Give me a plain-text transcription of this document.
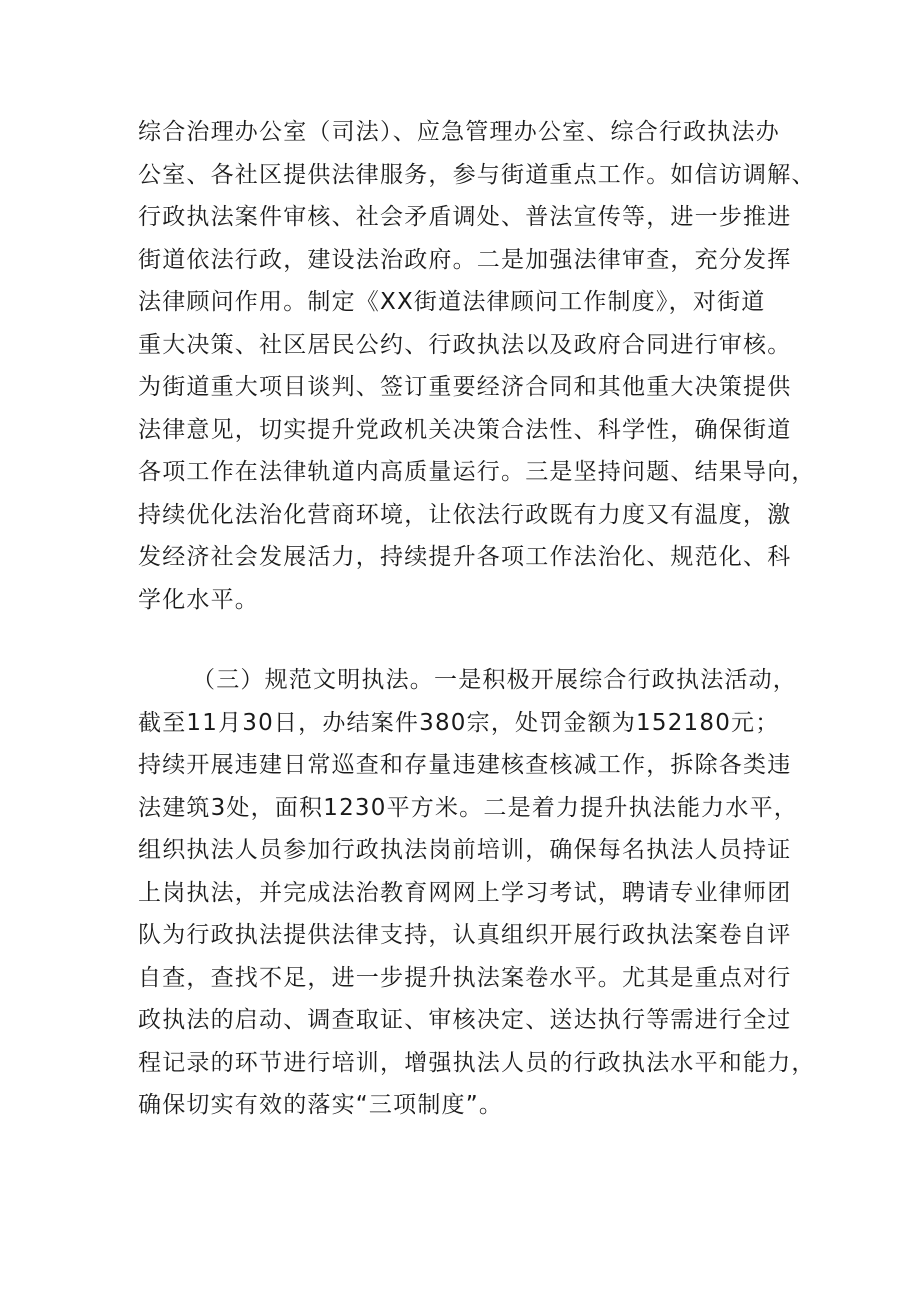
综合治理办公室（司法）、应急管理办公室、综合行政执法办
公室、各社区提供法律服务，参与街道重点工作。如信访调解、
行政执法案件审核、社会矛盾调处、普法宣传等，进一步推进
街道依法行政，建设法治政府。二是加强法律审查，充分发挥
法律顾问作用。制定《XX街道法律顾问工作制度》，对街道
重大决策、社区居民公约、行政执法以及政府合同进行审核。
为街道重大项目谈判、签订重要经济合同和其他重大决策提供
法律意见，切实提升党政机关决策合法性、科学性，确保街道
各项工作在法律轨道内高质量运行。三是坚持问题、结果导向，
持续优化法治化营商环境，让依法行政既有力度又有温度，激
发经济社会发展活力，持续提升各项工作法治化、规范化、科
学化水平。
（三）规范文明执法。一是积极开展综合行政执法活动，
截至11月30日，办结案件380宗，处罚金额为152180元；
持续开展违建日常巡查和存量违建核查核减工作，拆除各类违
法建筑3处，面积1230平方米。二是着力提升执法能力水平，
组织执法人员参加行政执法岗前培训，确保每名执法人员持证
上岗执法，并完成法治教育网网上学习考试，聘请专业律师团
队为行政执法提供法律支持，认真组织开展行政执法案卷自评
自查，查找不足，进一步提升执法案卷水平。尤其是重点对行
政执法的启动、调查取证、审核决定、送达执行等需进行全过
程记录的环节进行培训，增强执法人员的行政执法水平和能力，
确保切实有效的落实“三项制度”。
